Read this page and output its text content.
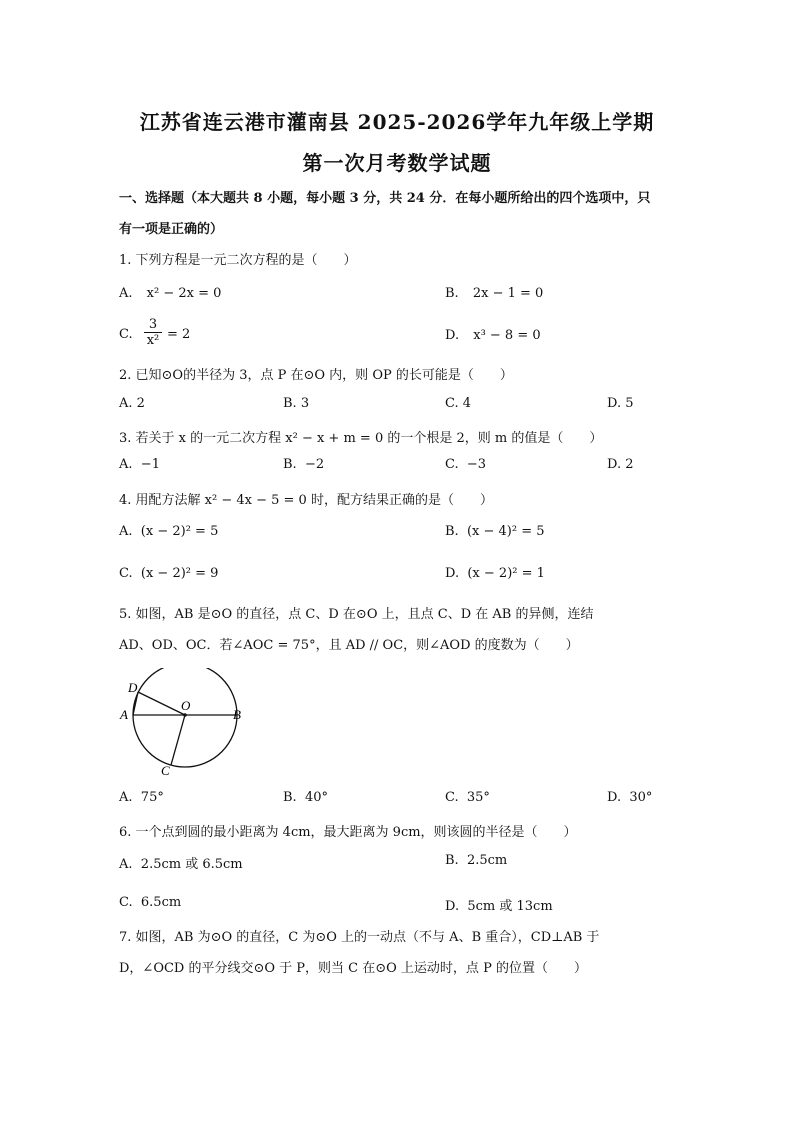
江苏省连云港市灌南县 2025-2026学年九年级上学期
第一次月考数学试题
一、选择题（本大题共 8 小题，每小题 3 分，共 24 分．在每小题所给出的四个选项中，只
有一项是正确的）
1. 下列方程是一元二次方程的是（　　）
A. x² − 2x = 0	B. 2x − 1 = 0
C. $\frac{3}{\text{x²}} = 2$	D. x³ − 8 = 0
2. 已知⊙O的半径为 3，点 P 在⊙O 内，则 OP 的长可能是（　　）
A. 2	B. 3	C. 4	D. 5
3. 若关于 x 的一元二次方程 x² − x + m = 0 的一个根是 2，则 m 的值是（　　）
A. −1	B. −2	C. −3	D. 2
4. 用配方法解 x² − 4x − 5 = 0 时，配方结果正确的是（　　）
A. (x − 2)² = 5	B. (x − 4)² = 5
C. (x − 2)² = 9	D. (x − 2)² = 1
5. 如图，AB 是⊙O 的直径，点 C、D 在⊙O 上，且点 C、D 在 AB 的异侧，连结
AD、OD、OC．若∠AOC = 75°，且 AD // OC，则∠AOD 的度数为（　　）
D
A
O
B
C
A. 75°	B. 40°	C. 35°	D. 30°
6. 一个点到圆的最小距离为 4cm，最大距离为 9cm，则该圆的半径是（　　）
A. 2.5cm 或 6.5cm	B. 2.5cm
C. 6.5cm	D. 5cm 或 13cm
7. 如图，AB 为⊙O 的直径，C 为⊙O 上的一动点（不与 A、B 重合），CD⊥AB 于
D，∠OCD 的平分线交⊙O 于 P，则当 C 在⊙O 上运动时，点 P 的位置（　　）
